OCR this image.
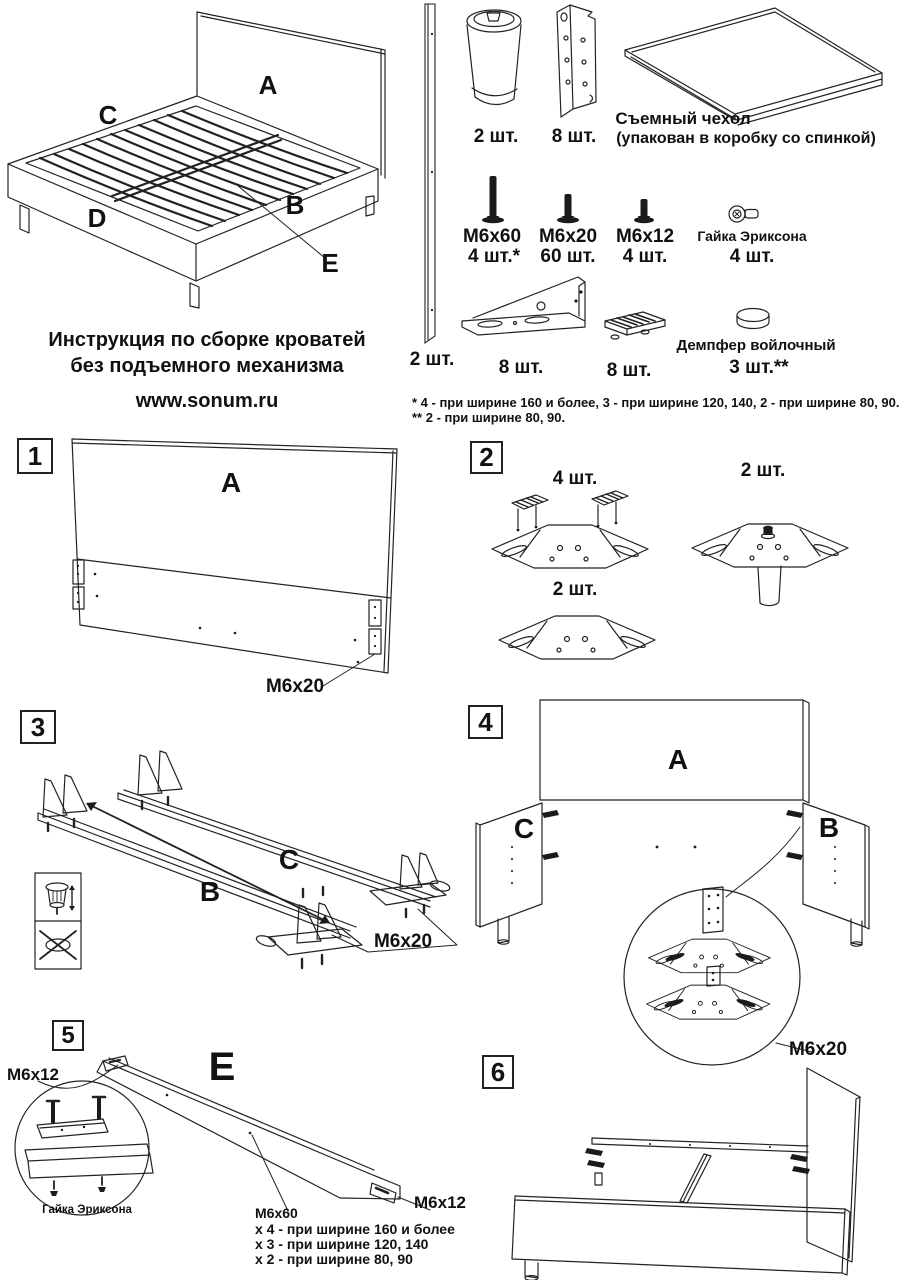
A
C
D	B
E
Инструкция по сборке кроватей
без подъемного механизма
www.sonum.ru
2 шт.
2 шт. 8 шт.
Съемный чехол
(упакован в коробку со спинкой)
M6x60
4 шт.*
M6x20
60 шт.
M6x12
4 шт.
Гайка Эриксона
4 шт.
8 шт.	8 шт.
Демпфер войлочный
3 шт.**
* 4 - при ширине 160 и более, 3 - при ширине 120, 140, 2 - при ширине 80, 90.
** 2 - при ширине 80, 90.
1
A
M6x20
2
4 шт.	2 шт.
2 шт.
3
B
C
M6x20
4
A
C	B
M6x20
5
M6x12	E
M6x12
Гайка Эриксона	M6x60
x 4 - при ширине 160 и более
x 3 - при ширине 120, 140
x 2 - при ширине 80, 90
6
